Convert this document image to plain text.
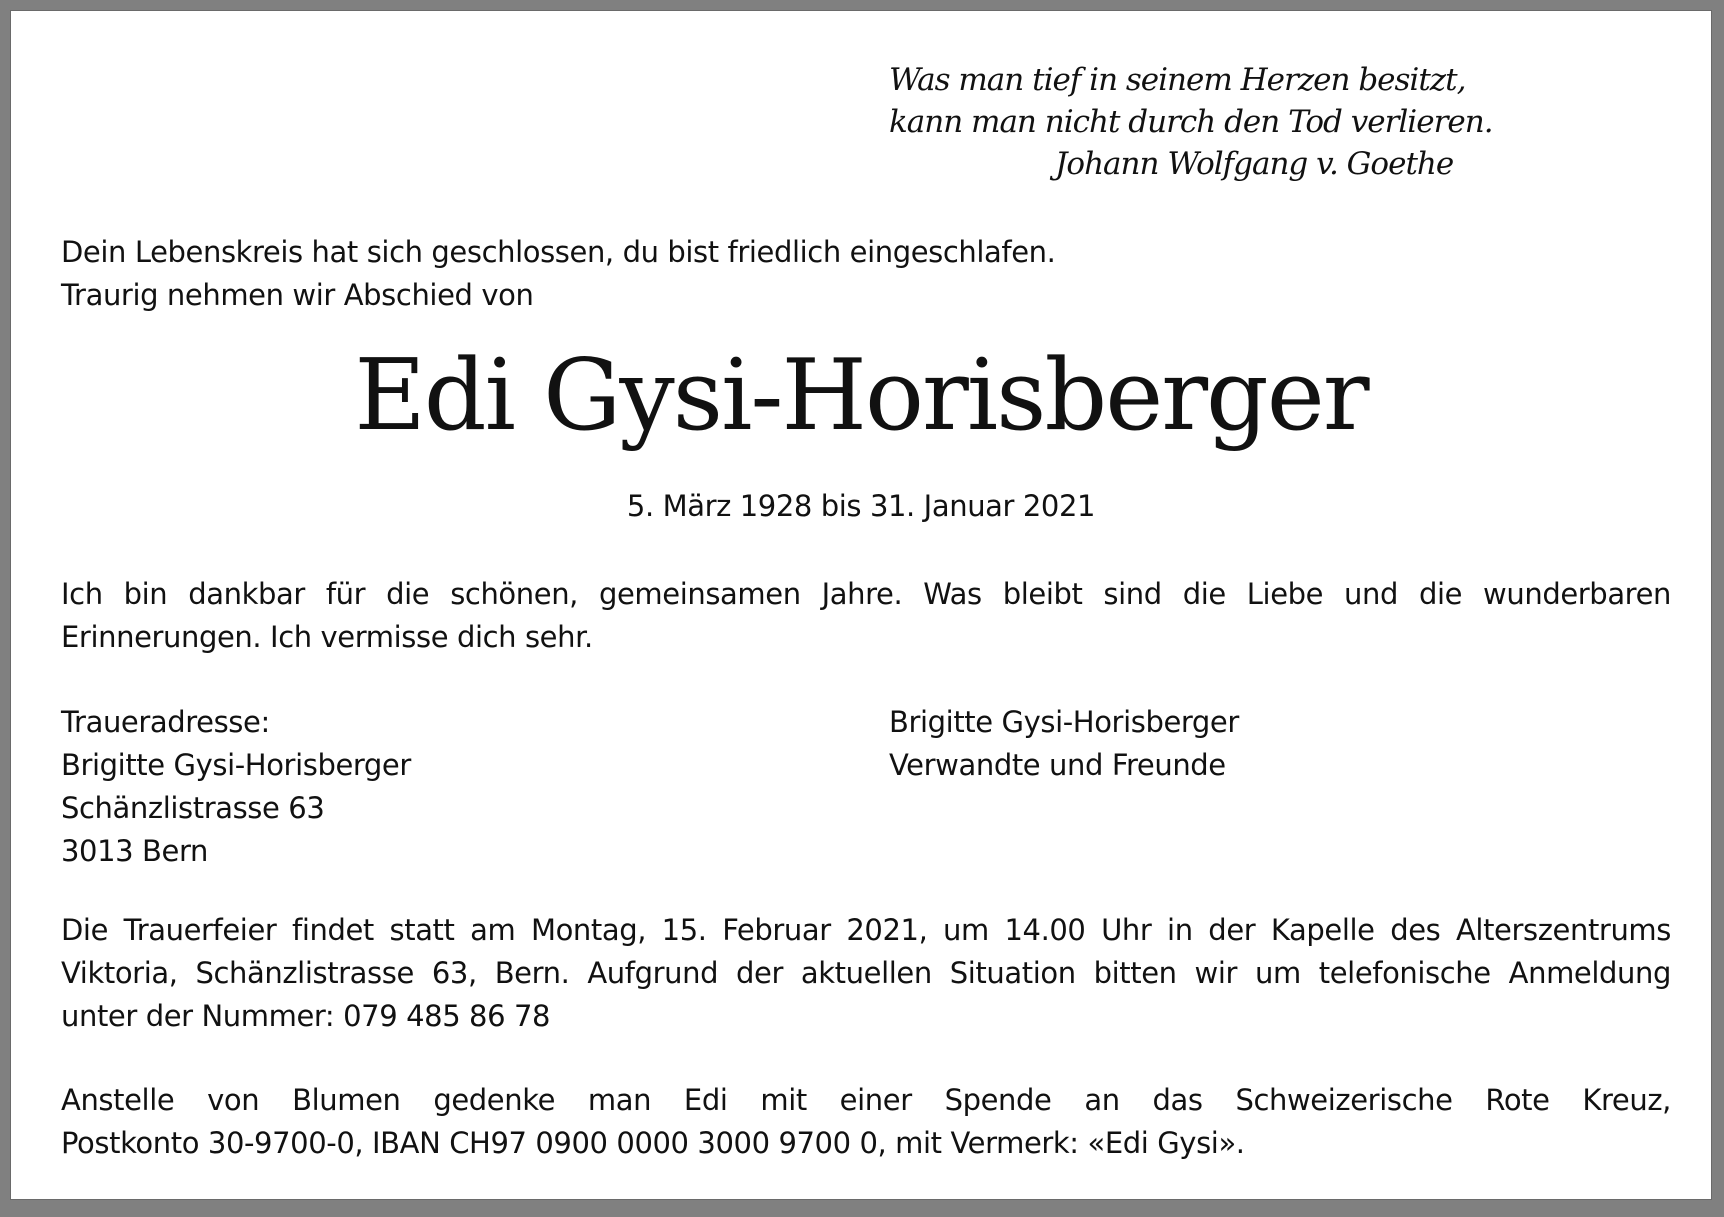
Was man tief in seinem Herzen besitzt,
kann man nicht durch den Tod verlieren.
Johann Wolfgang v. Goethe
Dein Lebenskreis hat sich geschlossen, du bist friedlich eingeschlafen.
Traurig nehmen wir Abschied von
Edi Gysi-Horisberger
5. März 1928 bis 31. Januar 2021
Ich bin dankbar für die schönen, gemeinsamen Jahre. Was bleibt sind die Liebe und die wunderbaren
Erinnerungen. Ich vermisse dich sehr.
Traueradresse:
Brigitte Gysi-Horisberger
Schänzlistrasse 63
3013 Bern
Brigitte Gysi-Horisberger
Verwandte und Freunde
Die Trauerfeier findet statt am Montag, 15. Februar 2021, um 14.00 Uhr in der Kapelle des Alterszentrums
Viktoria, Schänzlistrasse 63, Bern. Aufgrund der aktuellen Situation bitten wir um telefonische Anmeldung
unter der Nummer: 079 485 86 78
Anstelle von Blumen gedenke man Edi mit einer Spende an das Schweizerische Rote Kreuz,
Postkonto 30-9700-0, IBAN CH97 0900 0000 3000 9700 0, mit Vermerk: «Edi Gysi».
